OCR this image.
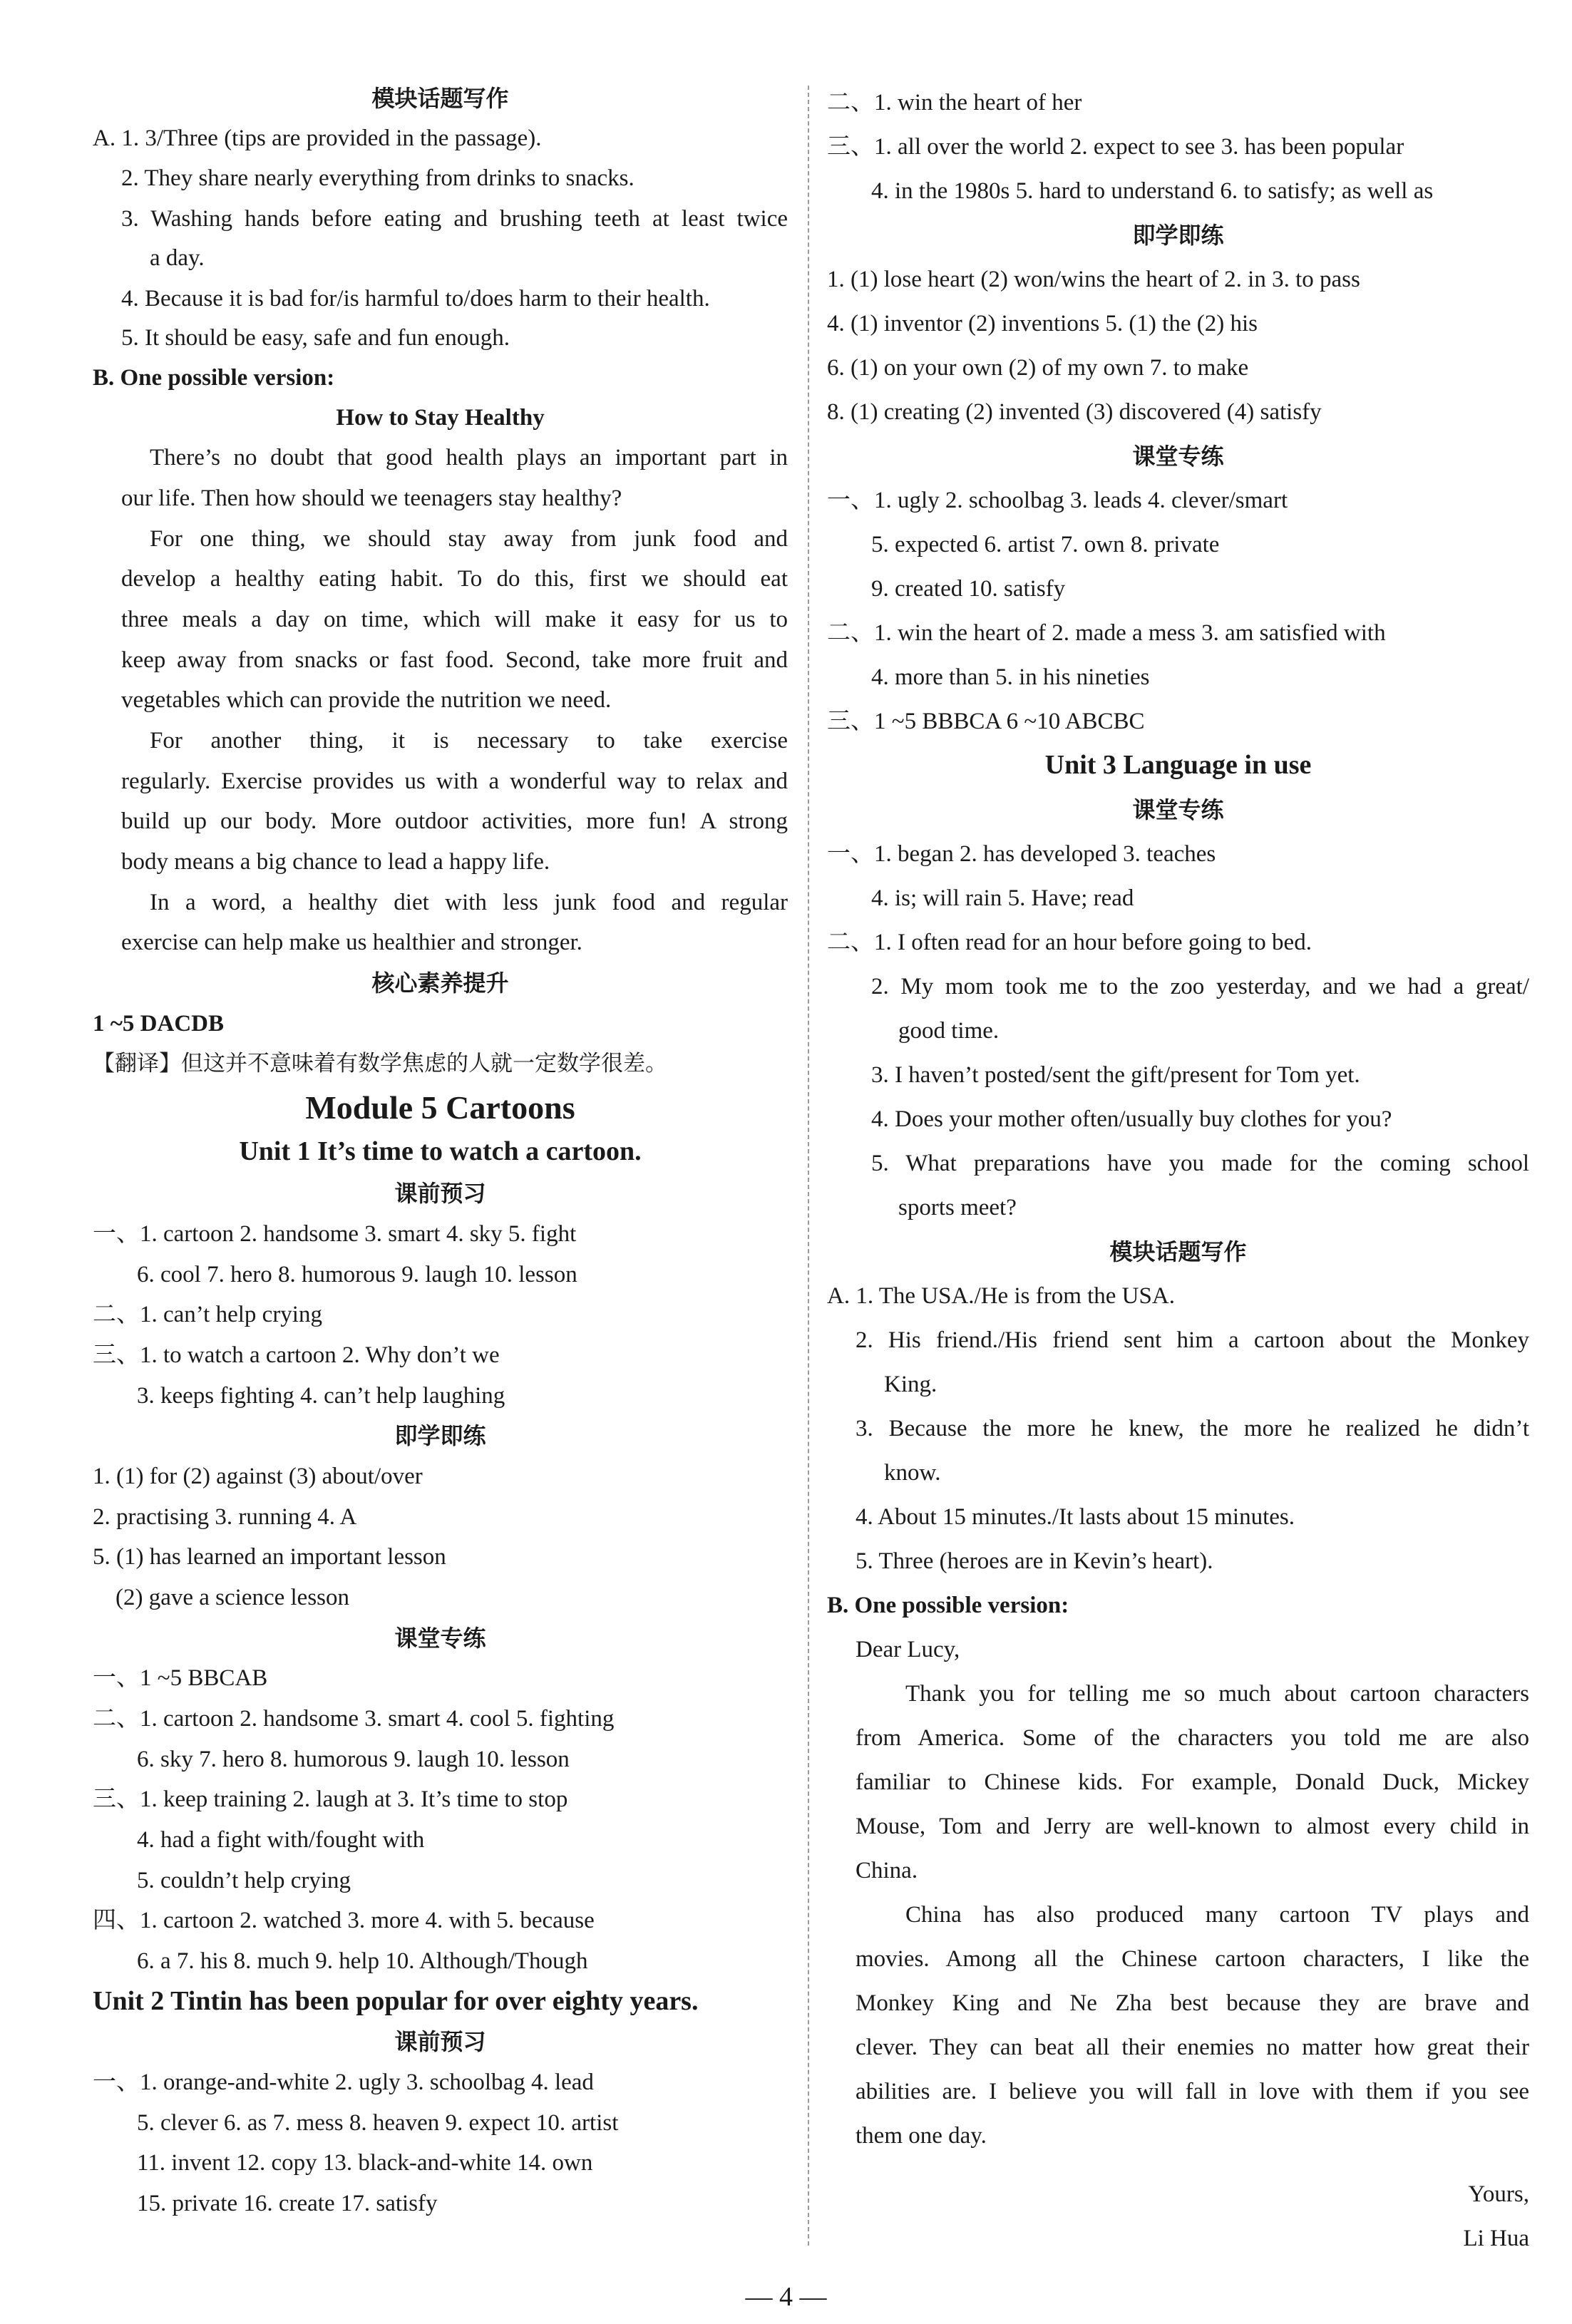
模块话题写作
A. 1. 3/Three (tips are provided in the passage).
2. They share nearly everything from drinks to snacks.
3. Washing hands before eating and brushing teeth at least twice
a day.
4. Because it is bad for/is harmful to/does harm to their health.
5. It should be easy, safe and fun enough.
B. One possible version:
How to Stay Healthy
There’s no doubt that good health plays an important part in
our life. Then how should we teenagers stay healthy?
For one thing, we should stay away from junk food and
develop a healthy eating habit. To do this, first we should eat
three meals a day on time, which will make it easy for us to
keep away from snacks or fast food. Second, take more fruit and
vegetables which can provide the nutrition we need.
For another thing, it is necessary to take exercise
regularly. Exercise provides us with a wonderful way to relax and
build up our body. More outdoor activities, more fun! A strong
body means a big chance to lead a happy life.
In a word, a healthy diet with less junk food and regular
exercise can help make us healthier and stronger.
核心素养提升
1 ~5 DACDB
【翻译】但这并不意味着有数学焦虑的人就一定数学很差。
Module 5 Cartoons
Unit 1 It’s time to watch a cartoon.
课前预习
一、1. cartoon 2. handsome 3. smart 4. sky 5. fight
6. cool 7. hero 8. humorous 9. laugh 10. lesson
二、1. can’t help crying
三、1. to watch a cartoon 2. Why don’t we
3. keeps fighting 4. can’t help laughing
即学即练
1. (1) for (2) against (3) about/over
2. practising 3. running 4. A
5. (1) has learned an important lesson
(2) gave a science lesson
课堂专练
一、1 ~5 BBCAB
二、1. cartoon 2. handsome 3. smart 4. cool 5. fighting
6. sky 7. hero 8. humorous 9. laugh 10. lesson
三、1. keep training 2. laugh at 3. It’s time to stop
4. had a fight with/fought with
5. couldn’t help crying
四、1. cartoon 2. watched 3. more 4. with 5. because
6. a 7. his 8. much 9. help 10. Although/Though
Unit 2 Tintin has been popular for over eighty years.
课前预习
一、1. orange-and-white 2. ugly 3. schoolbag 4. lead
5. clever 6. as 7. mess 8. heaven 9. expect 10. artist
11. invent 12. copy 13. black-and-white 14. own
15. private 16. create 17. satisfy
二、1. win the heart of her
三、1. all over the world 2. expect to see 3. has been popular
4. in the 1980s 5. hard to understand 6. to satisfy; as well as
即学即练
1. (1) lose heart (2) won/wins the heart of 2. in 3. to pass
4. (1) inventor (2) inventions 5. (1) the (2) his
6. (1) on your own (2) of my own 7. to make
8. (1) creating (2) invented (3) discovered (4) satisfy
课堂专练
一、1. ugly 2. schoolbag 3. leads 4. clever/smart
5. expected 6. artist 7. own 8. private
9. created 10. satisfy
二、1. win the heart of 2. made a mess 3. am satisfied with
4. more than 5. in his nineties
三、1 ~5 BBBCA 6 ~10 ABCBC
Unit 3 Language in use
课堂专练
一、1. began 2. has developed 3. teaches
4. is; will rain 5. Have; read
二、1. I often read for an hour before going to bed.
2. My mom took me to the zoo yesterday, and we had a great/
good time.
3. I haven’t posted/sent the gift/present for Tom yet.
4. Does your mother often/usually buy clothes for you?
5. What preparations have you made for the coming school
sports meet?
模块话题写作
A. 1. The USA./He is from the USA.
2. His friend./His friend sent him a cartoon about the Monkey
King.
3. Because the more he knew, the more he realized he didn’t
know.
4. About 15 minutes./It lasts about 15 minutes.
5. Three (heroes are in Kevin’s heart).
B. One possible version:
Dear Lucy,
Thank you for telling me so much about cartoon characters
from America. Some of the characters you told me are also
familiar to Chinese kids. For example, Donald Duck, Mickey
Mouse, Tom and Jerry are well-known to almost every child in
China.
China has also produced many cartoon TV plays and
movies. Among all the Chinese cartoon characters, I like the
Monkey King and Ne Zha best because they are brave and
clever. They can beat all their enemies no matter how great their
abilities are. I believe you will fall in love with them if you see
them one day.
Yours,
Li Hua
— 4 —
